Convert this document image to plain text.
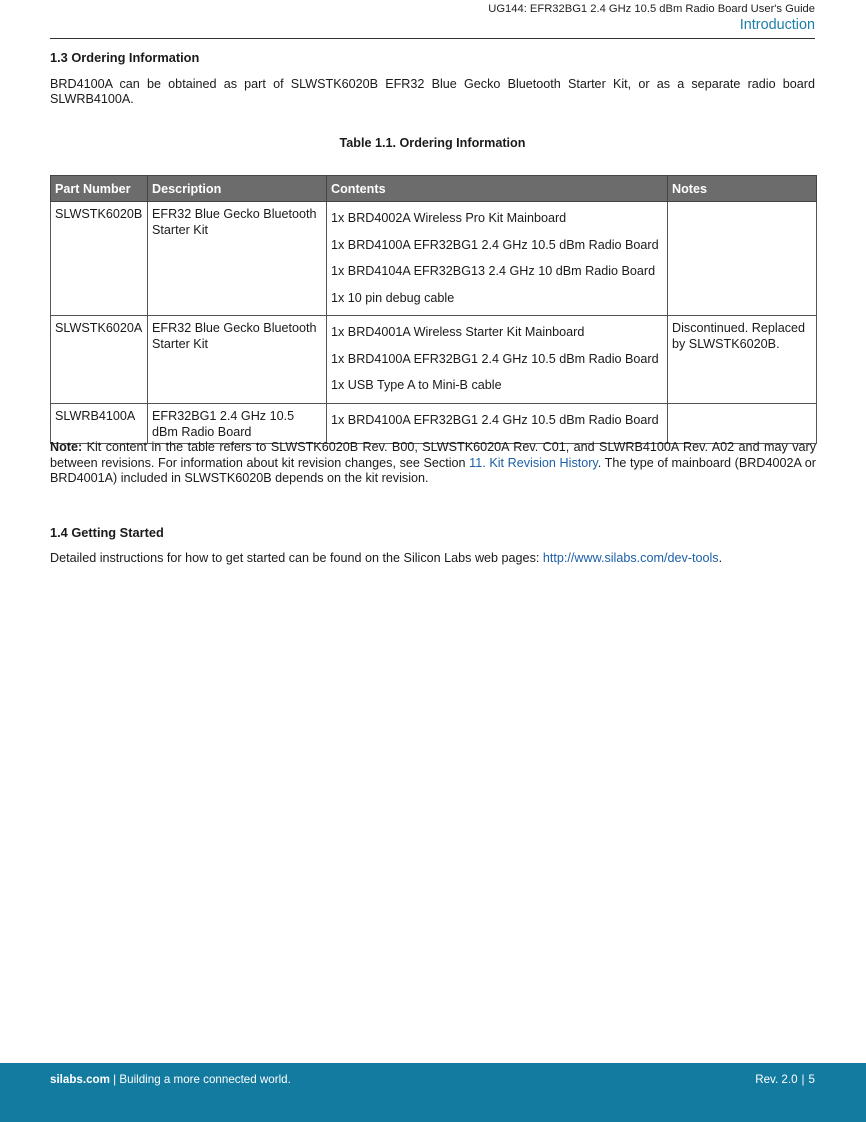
UG144: EFR32BG1 2.4 GHz 10.5 dBm Radio Board User's Guide
Introduction
1.3 Ordering Information
BRD4100A can be obtained as part of SLWSTK6020B EFR32 Blue Gecko Bluetooth Starter Kit, or as a separate radio board SLWRB4100A.
Table 1.1. Ordering Information
Part Number	Description	Contents	Notes
SLWSTK6020B	EFR32 Blue Gecko Bluetooth Starter Kit	1x BRD4002A Wireless Pro Kit Mainboard
1x BRD4100A EFR32BG1 2.4 GHz 10.5 dBm Radio Board
1x BRD4104A EFR32BG13 2.4 GHz 10 dBm Radio Board
1x 10 pin debug cable	

SLWSTK6020A	EFR32 Blue Gecko Bluetooth Starter Kit	1x BRD4001A Wireless Starter Kit Mainboard
1x BRD4100A EFR32BG1 2.4 GHz 10.5 dBm Radio Board
1x USB Type A to Mini-B cable	Discontinued. Replaced by SLWSTK6020B.
SLWRB4100A	EFR32BG1 2.4 GHz 10.5 dBm Radio Board	1x BRD4100A EFR32BG1 2.4 GHz 10.5 dBm Radio Board	

Note: Kit content in the table refers to SLWSTK6020B Rev. B00, SLWSTK6020A Rev. C01, and SLWRB4100A Rev. A02 and may vary between revisions. For information about kit revision changes, see Section 11. Kit Revision History. The type of mainboard (BRD4002A or BRD4001A) included in SLWSTK6020B depends on the kit revision.
1.4 Getting Started
Detailed instructions for how to get started can be found on the Silicon Labs web pages: http://www.silabs.com/dev-tools.
silabs.com | Building a more connected world.	Rev. 2.0 | 5
